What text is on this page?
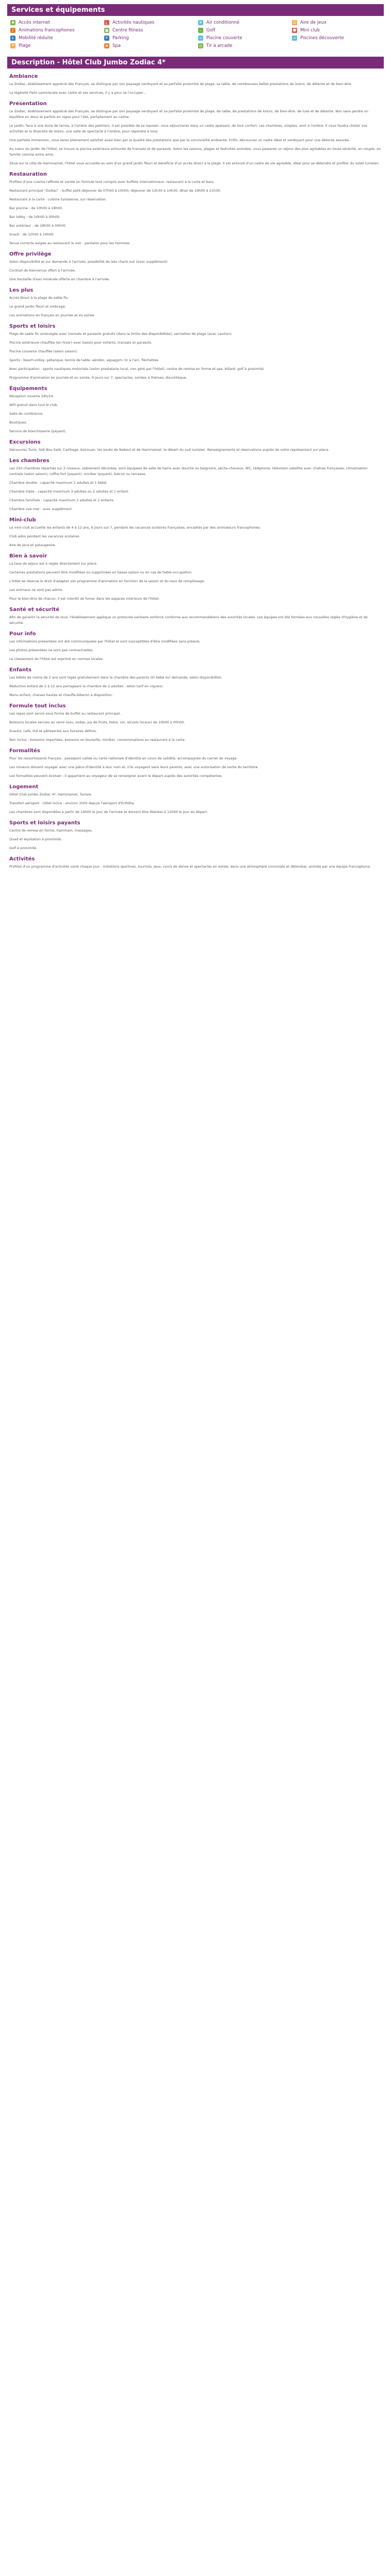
Services et équipements
✱ Accès internet	⛵ Activités nautiques	❄ Air conditionné	☺ Aire de jeux
♪	Animations francophones	■ Centre fitness	⛳ Golf	☻ Mini club
♿ Mobilité réduite	P	Parking	≈ Piscine couverte	≈ Piscines découverte
☂ Plage	✿ Spa	◎ Tir à arcade
Description - Hôtel Club Jumbo Zodiac 4*
Ambiance

Le Zodiac, établissement apprécié des Français, se distingue par son paysage verdoyant et sa parfaite proximité de plage, sa table, de nombreuses belles prestations de loisirs, de détente et de bien-être.

La légèreté Palm Lemniscate avec cadre et ses services, il y a pour se l'occuper...

Présentation

Le Zodiac, établissement apprécié des Français, se distingue par son paysage verdoyant et sa parfaite proximité de plage, de table, de prestations de loisirs, de bien-être, de luxe et de détente. Non sans perdre un équilibre en doux et parfois en repos pour l'été, parfaitement au calme.

Le jardin, face à une dune de terres, à l'ombre des palmiers, il est possible de se reposer, vous séjournerez dans un cadre apaisant, de tout confort. Les chambres, simples, sont à l'ombre. Il vous faudra choisir vos activités et la diversité de loisirs, une salle de spectacle à l'ombre, pour répondre à tous.

Une parfaite immersion, vous serez pleinement satisfait aussi bien par la qualité des prestations que par la convivialité ambiante. Enfin, découvrez un cadre idéal et verdoyant pour une détente assurée.

Au coeur du jardin de l'hôtel, se trouve la piscine extérieure entourée de transats et de parasols. Selon les saisons, plages et festivités animées, vous passerez un séjour des plus agréables en toute sérénité, en couple, en famille comme entre amis.

Situé sur la côte de Hammamet, l'hôtel vous accueille au sein d'un grand jardin fleuri et bénéficie d'un accès direct à la plage. Il est entouré d'un cadre de vie agréable, idéal pour se détendre et profiter du soleil tunisien.

Restauration

Profitez d'une cuisine raffinée et variée en formule tout compris avec buffets internationaux, restaurant à la carte et bars.

Restaurant principal "Zodiac" : buffet petit-déjeuner de 07h00 à 10h00, déjeuner de 12h30 à 14h30, dîner de 19h00 à 21h30.

Restaurant à la carte : cuisine tunisienne, sur réservation.

Bar piscine : de 10h00 à 18h00.

Bar lobby : de 10h00 à 00h00.

Bar extérieur : de 18h00 à 00h00.

Snack : de 12h00 à 16h00.

Tenue correcte exigée au restaurant le soir : pantalon pour les hommes.

Offre privilège

Selon disponibilité et sur demande à l'arrivée, possibilité de late check-out (avec supplément).

Cocktail de bienvenue offert à l'arrivée.

Une bouteille d'eau minérale offerte en chambre à l'arrivée.

Les plus

Accès direct à la plage de sable fin.

Le grand jardin fleuri et ombragé.

Les animations en français en journée et en soirée.

Sports et loisirs

Plage de sable fin aménagée avec transats et parasols gratuits (dans la limite des disponibilités), serviettes de plage (avec caution).

Piscine extérieure chauffée (en hiver) avec bassin pour enfants, transats et parasols.

Piscine couverte chauffée (selon saison).

Sports : beach-volley, pétanque, tennis de table, aérobic, aquagym, tir à l'arc, fléchettes.

Avec participation : sports nautiques motorisés (selon prestataire local, non géré par l'hôtel), centre de remise en forme et spa, billard, golf à proximité.

Programme d'animation en journée et en soirée, 6 jours sur 7, spectacles, soirées à thèmes, discothèque.

Équipements

Réception ouverte 24h/24.

Wifi gratuit dans tout le club.

Salle de conférence.

Boutiques.

Service de blanchisserie (payant).

Excursions

Découvrez Tunis, Sidi Bou Saïd, Carthage, Kairouan, les souks de Nabeul et de Hammamet, le désert du sud tunisien. Renseignements et réservations auprès de notre représentant sur place.

Les chambres

Les 250 chambres réparties sur 2 niveaux, sobrement décorées, sont équipées de salle de bains avec douche ou baignoire, sèche-cheveux, WC, téléphone, télévision satellite avec chaînes françaises, climatisation centrale (selon saison), coffre-fort (payant), minibar (payant), balcon ou terrasse.

Chambre double : capacité maximum 2 adultes et 1 bébé.

Chambre triple : capacité maximum 3 adultes ou 2 adultes et 1 enfant.

Chambre familiale : capacité maximum 2 adultes et 2 enfants.

Chambre vue mer : avec supplément.

Mini-club

Le mini-club accueille les enfants de 4 à 12 ans, 6 jours sur 7, pendant les vacances scolaires françaises, encadrés par des animateurs francophones.

Club ados pendant les vacances scolaires.

Aire de jeux et pataugeoire.

Bien à savoir

La taxe de séjour est à régler directement sur place.

Certaines prestations peuvent être modifiées ou supprimées en basse saison ou en cas de faible occupation.

L'hôtel se réserve le droit d'adapter son programme d'animation en fonction de la saison et du taux de remplissage.

Les animaux ne sont pas admis.

Pour le bien-être de chacun, il est interdit de fumer dans les espaces intérieurs de l'hôtel.

Santé et sécurité

Afin de garantir la sécurité de tous, l'établissement applique un protocole sanitaire renforcé conforme aux recommandations des autorités locales. Les équipes ont été formées aux nouvelles règles d'hygiène et de sécurité.

Pour info

Les informations présentées ont été communiquées par l'hôtel et sont susceptibles d'être modifiées sans préavis.

Les photos présentées ne sont pas contractuelles.

Le classement de l'hôtel est exprimé en normes locales.

Enfants

Les bébés de moins de 2 ans sont logés gratuitement dans la chambre des parents (lit bébé sur demande, selon disponibilité).

Réduction enfant de 2 à 12 ans partageant la chambre de 2 adultes : selon tarif en vigueur.

Menu enfant, chaises hautes et chauffe-biberon à disposition.

Formule tout inclus

Les repas sont servis sous forme de buffet au restaurant principal.

Boissons locales servies au verre (eau, sodas, jus de fruits, bière, vin, alcools locaux) de 10h00 à 00h00.

Snacks, café, thé et pâtisseries aux horaires définis.

Non inclus : boissons importées, boissons en bouteille, minibar, consommations au restaurant à la carte.

Formalités

Pour les ressortissants français : passeport valide ou carte nationale d'identité en cours de validité, accompagnée du carnet de voyage.

Les mineurs doivent voyager avec une pièce d'identité à leur nom et, s'ils voyagent sans leurs parents, avec une autorisation de sortie du territoire.

Les formalités peuvent évoluer : il appartient au voyageur de se renseigner avant le départ auprès des autorités compétentes.

Logement

Hôtel Club Jumbo Zodiac 4*, Hammamet, Tunisie.

Transfert aéroport - hôtel inclus : environ 1h00 depuis l'aéroport d'Enfidha.

Les chambres sont disponibles à partir de 14h00 le jour de l'arrivée et doivent être libérées à 12h00 le jour du départ.

Sports et loisirs payants

Centre de remise en forme, hammam, massages.

Quad et équitation à proximité.

Golf à proximité.

Activités

Profitez d'un programme d'activités varié chaque jour : initiations sportives, tournois, jeux, cours de danse et spectacles en soirée, dans une atmosphère conviviale et détendue, animée par une équipe francophone.
